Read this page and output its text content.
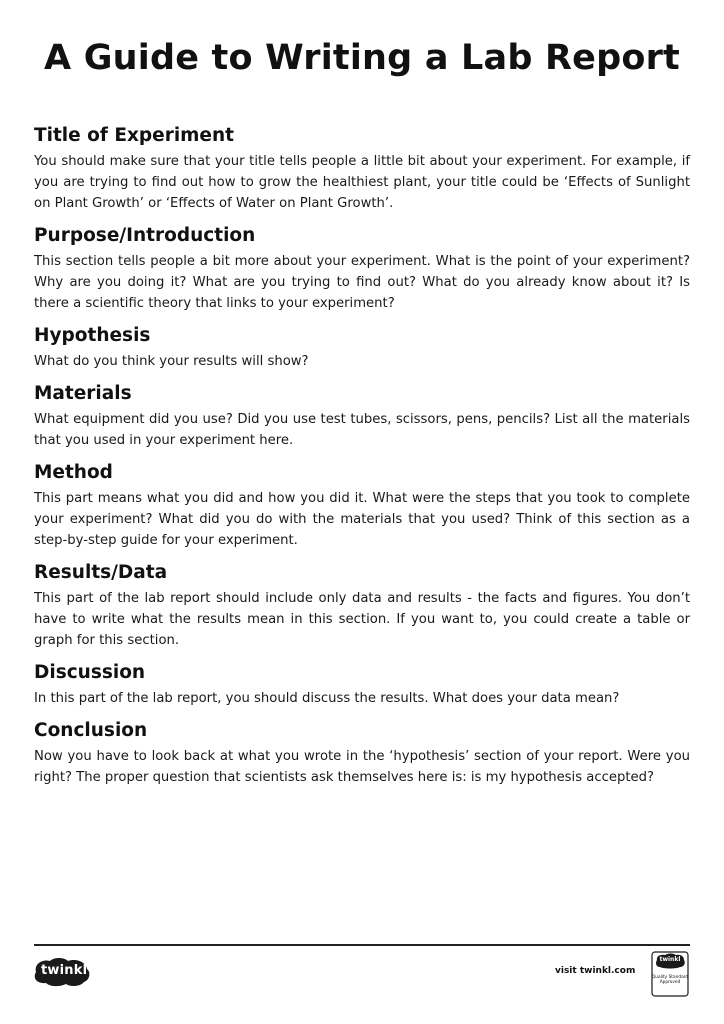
A Guide to Writing a Lab Report
Title of Experiment

You should make sure that your title tells people a little bit about your experiment. For example, if you are trying to find out how to grow the healthiest plant, your title could be ‘Effects of Sunlight on Plant Growth’ or ‘Effects of Water on Plant Growth’.

Purpose/Introduction

This section tells people a bit more about your experiment. What is the point of your experiment? Why are you doing it? What are you trying to find out? What do you already know about it? Is there a scientific theory that links to your experiment?

Hypothesis

What do you think your results will show?

Materials

What equipment did you use? Did you use test tubes, scissors, pens, pencils? List all the materials that you used in your experiment here.

Method

This part means what you did and how you did it. What were the steps that you took to complete your experiment? What did you do with the materials that you used? Think of this section as a step-by-step guide for your experiment.

Results/Data

This part of the lab report should include only data and results - the facts and figures. You don’t have to write what the results mean in this section. If you want to, you could create a table or graph for this section.

Discussion

In this part of the lab report, you should discuss the results. What does your data mean?

Conclusion

Now you have to look back at what you wrote in the ‘hypothesis’ section of your report. Were you right? The proper question that scientists ask themselves here is: is my hypothesis accepted?

twinkl	visit twinkl.com
twinkl
Quality Standard Approved
